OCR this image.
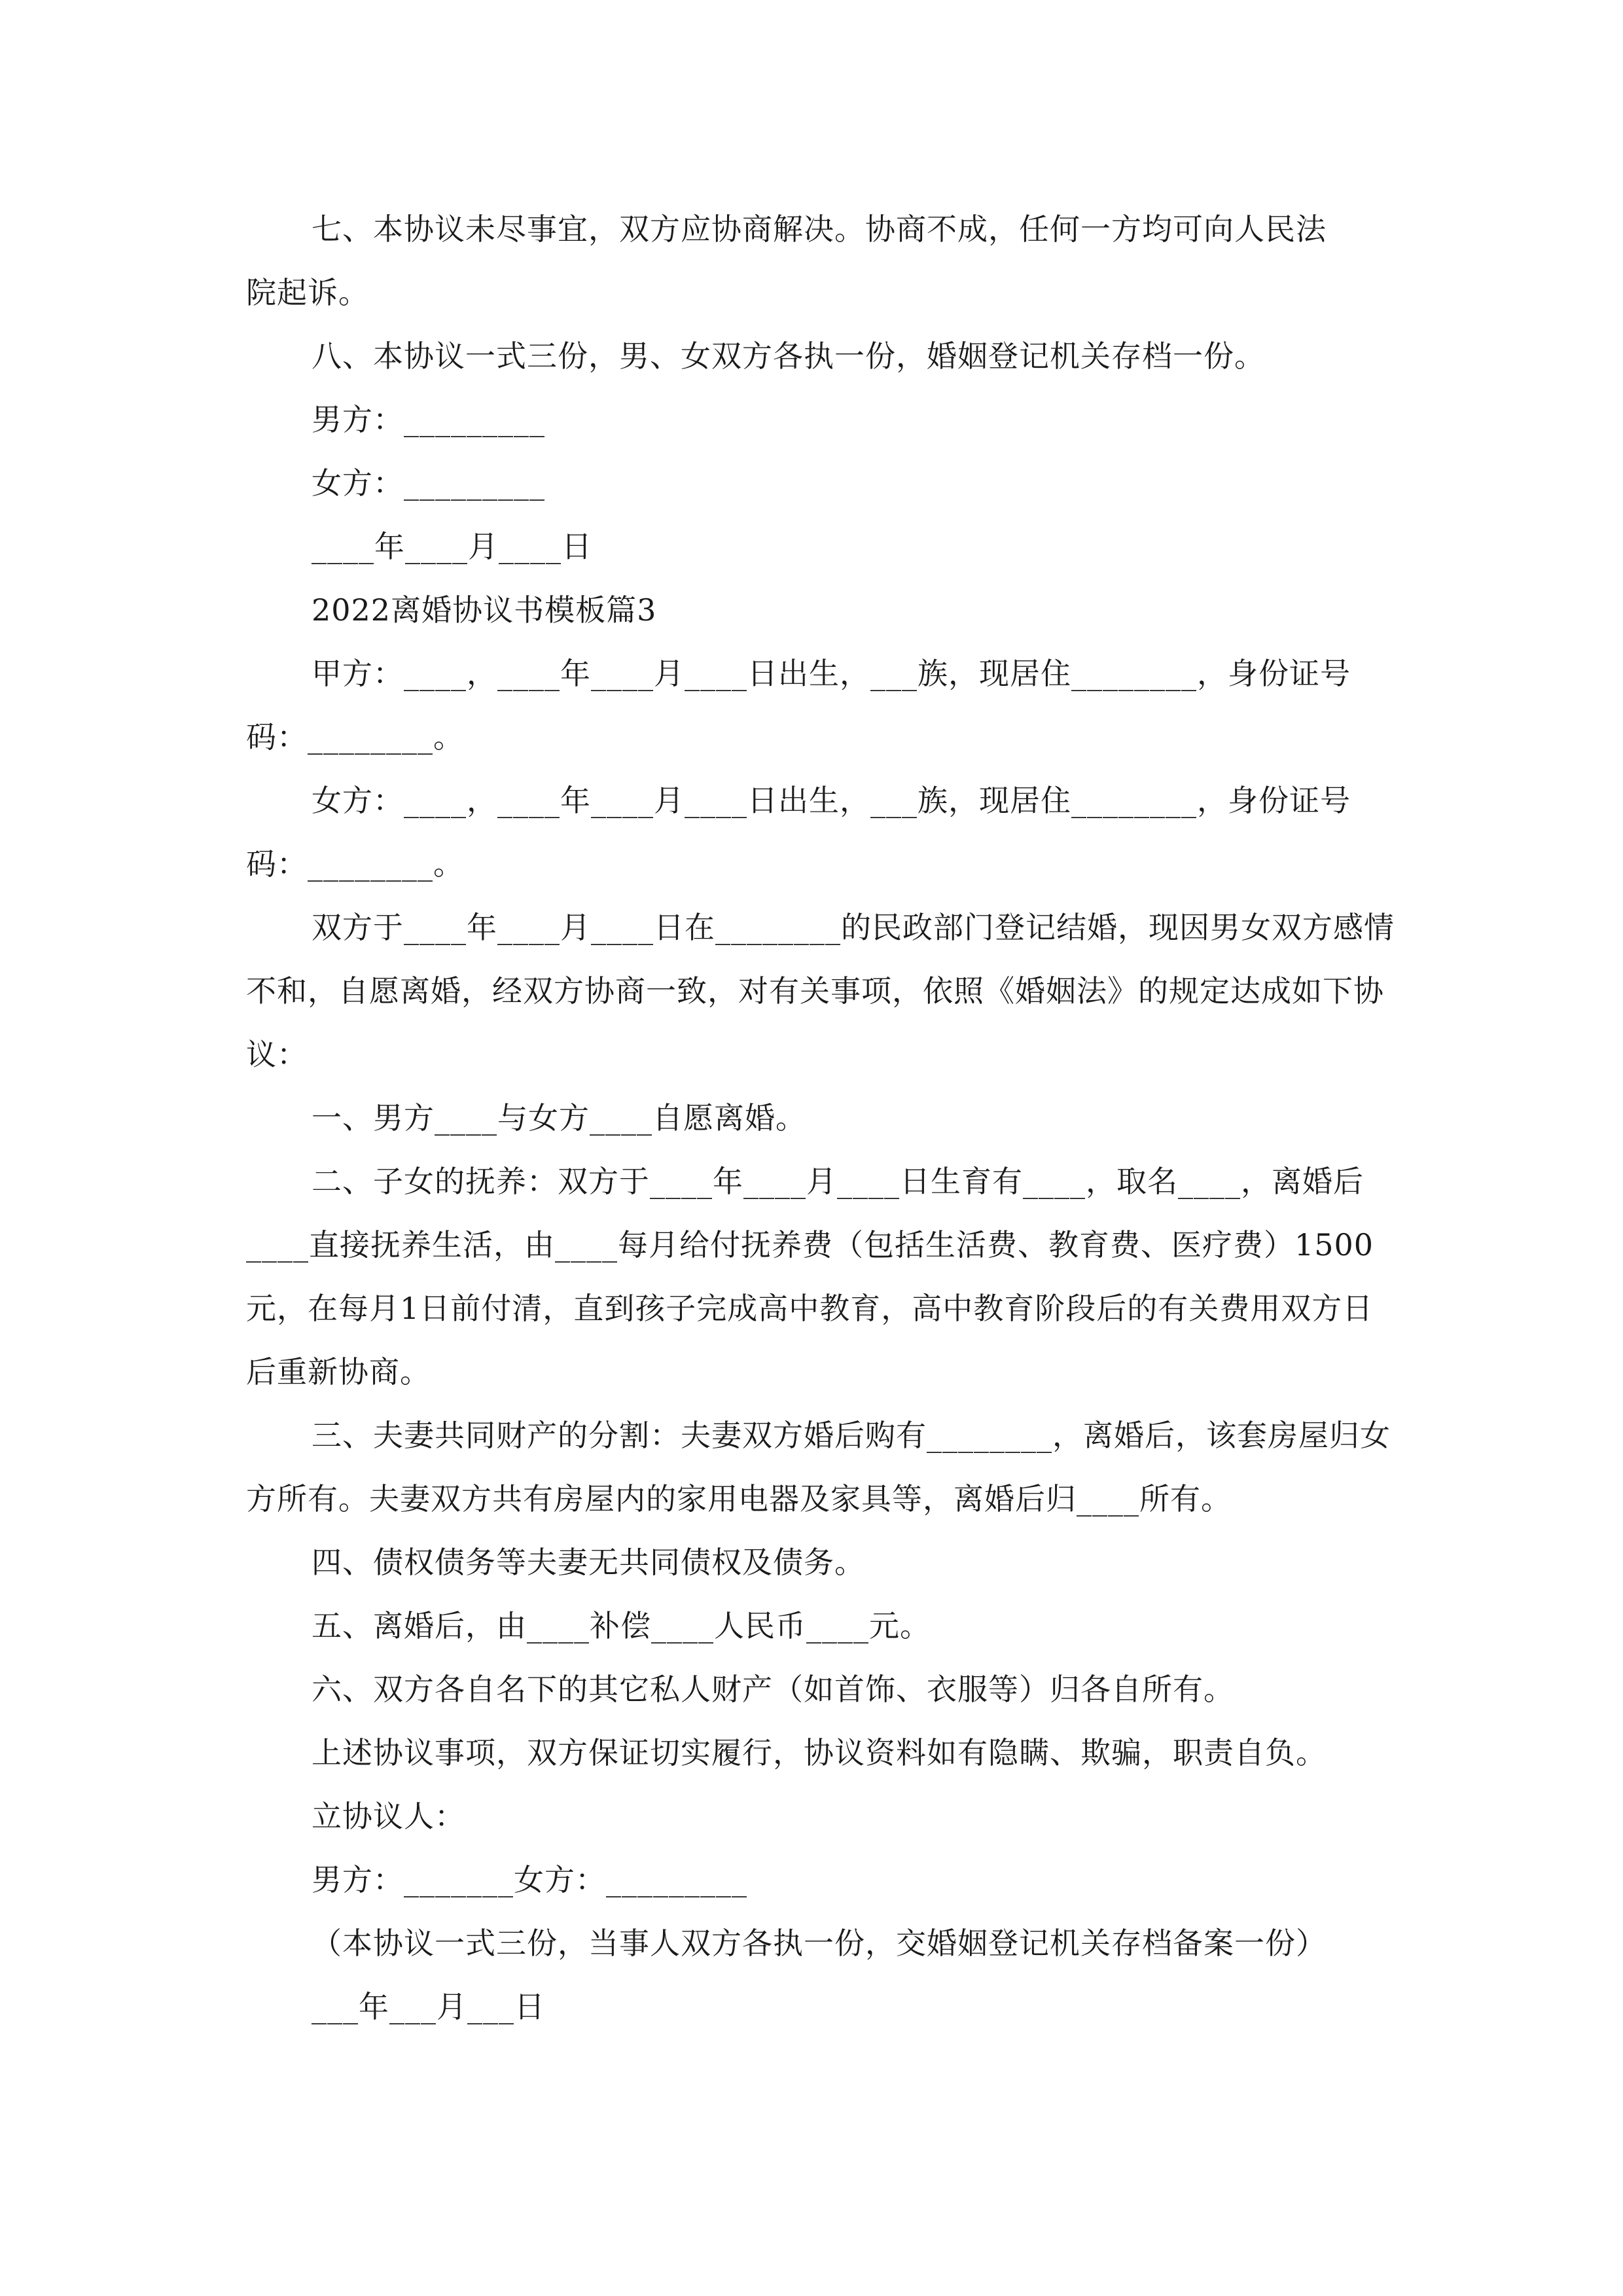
七、本协议未尽事宜，双方应协商解决。协商不成，任何一方均可向人民法

院起诉。

八、本协议一式三份，男、女双方各执一份，婚姻登记机关存档一份。

男方：_________

女方：_________

____年____月____日

2022离婚协议书模板篇3

甲方：____，____年____月____日出生，___族，现居住________，身份证号码：________。

女方：____，____年____月____日出生，___族，现居住________，身份证号码：________。

双方于____年____月____日在________的民政部门登记结婚，现因男女双方感情不和，自愿离婚，经双方协商一致，对有关事项，依照《婚姻法》的规定达成如下协议：

一、男方____与女方____自愿离婚。

二、子女的抚养：双方于____年____月____日生育有____，取名____，离婚后____直接抚养生活，由____每月给付抚养费（包括生活费、教育费、医疗费）1500元，在每月1日前付清，直到孩子完成高中教育，高中教育阶段后的有关费用双方日后重新协商。

三、夫妻共同财产的分割：夫妻双方婚后购有________，离婚后，该套房屋归女方所有。夫妻双方共有房屋内的家用电器及家具等，离婚后归____所有。

四、债权债务等夫妻无共同债权及债务。

五、离婚后，由____补偿____人民币____元。

六、双方各自名下的其它私人财产（如首饰、衣服等）归各自所有。

上述协议事项，双方保证切实履行，协议资料如有隐瞒、欺骗，职责自负。

立协议人：

男方：_______女方：_________

（本协议一式三份，当事人双方各执一份，交婚姻登记机关存档备案一份）

___年___月___日
